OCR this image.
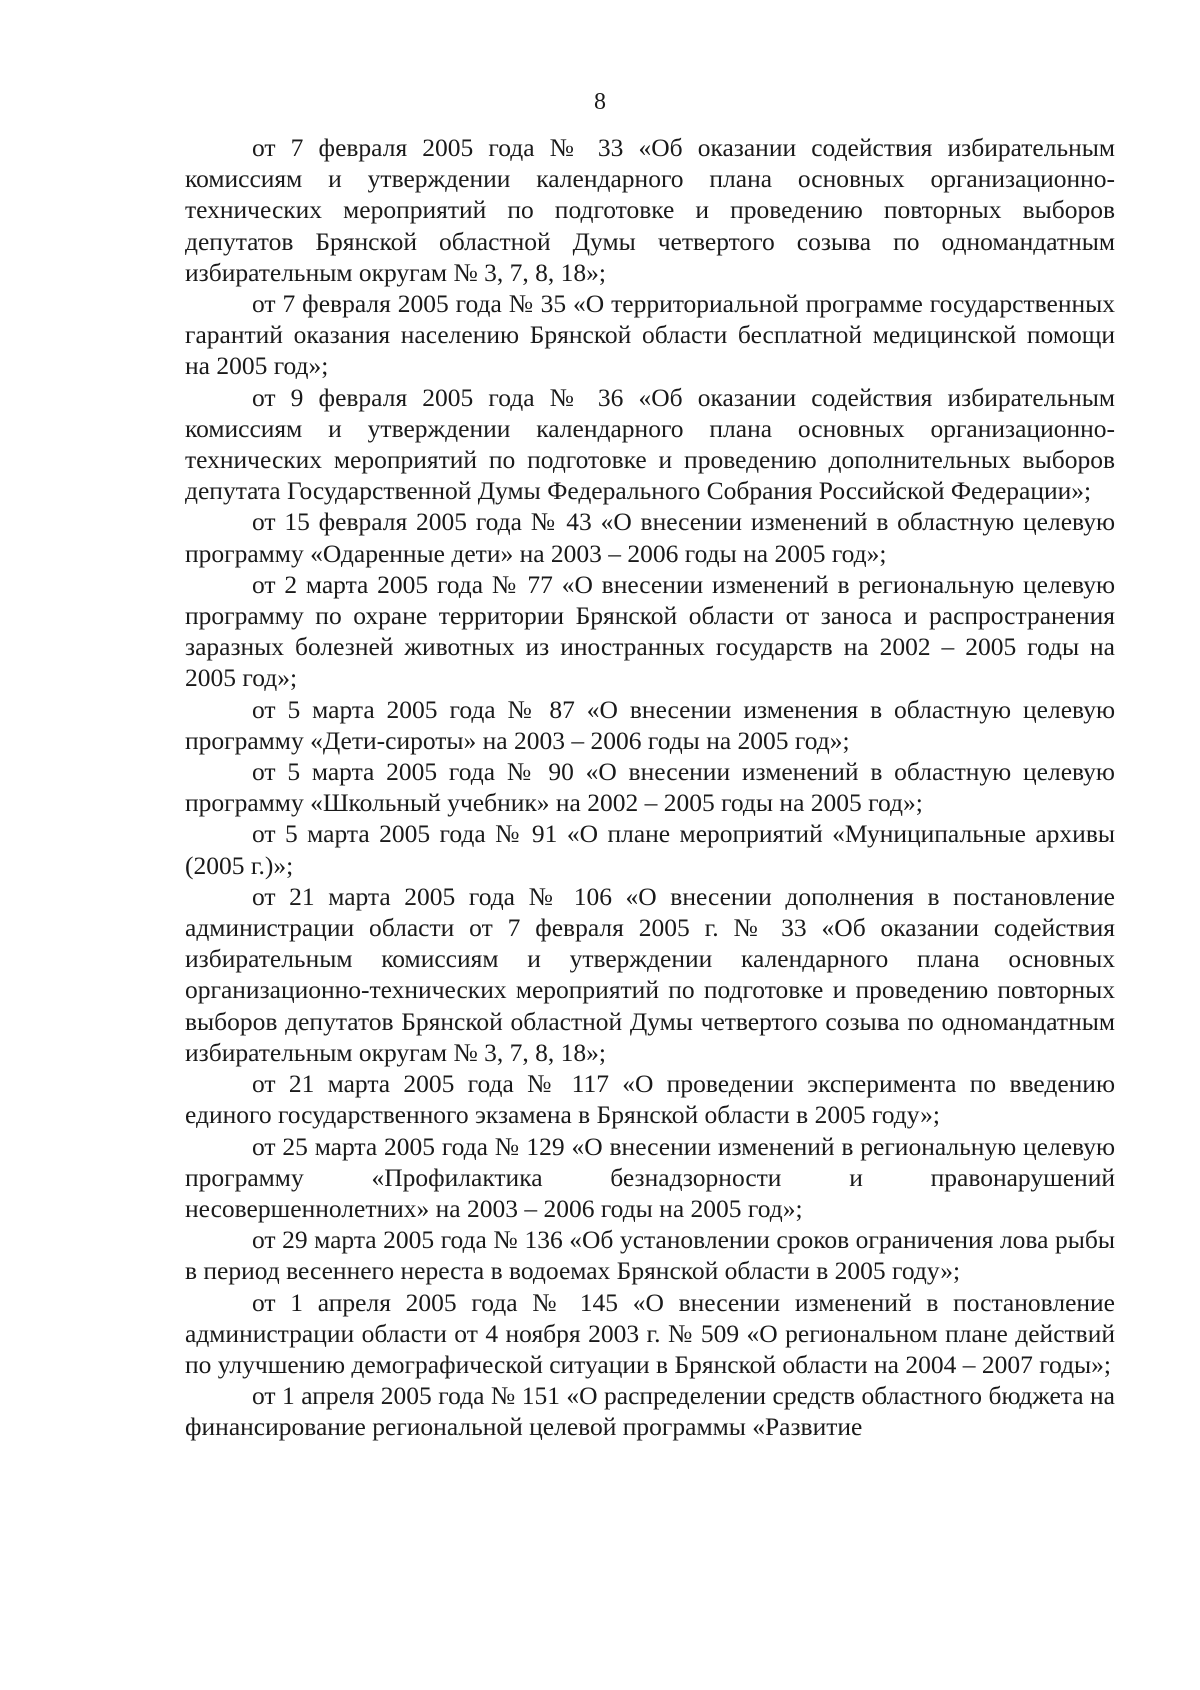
8

от 7 февраля 2005 года № 33 «Об оказании содействия избирательным комиссиям и утверждении календарного плана основных организационно-технических мероприятий по подготовке и проведению повторных выборов депутатов Брянской областной Думы четвертого созыва по одномандатным избирательным округам № 3, 7, 8, 18»;

от 7 февраля 2005 года № 35 «О территориальной программе государственных гарантий оказания населению Брянской области бесплатной медицинской помощи на 2005 год»;

от 9 февраля 2005 года № 36 «Об оказании содействия избирательным комиссиям и утверждении календарного плана основных организационно-технических мероприятий по подготовке и проведению дополнительных выборов депутата Государственной Думы Федерального Собрания Российской Федерации»;

от 15 февраля 2005 года № 43 «О внесении изменений в областную целевую программу «Одаренные дети» на 2003 – 2006 годы на 2005 год»;

от 2 марта 2005 года № 77 «О внесении изменений в региональную целевую программу по охране территории Брянской области от заноса и распространения заразных болезней животных из иностранных государств на 2002 – 2005 годы на 2005 год»;

от 5 марта 2005 года № 87 «О внесении изменения в областную целевую программу «Дети-сироты» на 2003 – 2006 годы на 2005 год»;

от 5 марта 2005 года № 90 «О внесении изменений в областную целевую программу «Школьный учебник» на 2002 – 2005 годы на 2005 год»;

от 5 марта 2005 года № 91 «О плане мероприятий «Муниципальные архивы (2005 г.)»;

от 21 марта 2005 года № 106 «О внесении дополнения в постановление администрации области от 7 февраля 2005 г. № 33 «Об оказании содействия избирательным комиссиям и утверждении календарного плана основных организационно-технических мероприятий по подготовке и проведению повторных выборов депутатов Брянской областной Думы четвертого созыва по одномандатным избирательным округам № 3, 7, 8, 18»;

от 21 марта 2005 года № 117 «О проведении эксперимента по введению единого государственного экзамена в Брянской области в 2005 году»;

от 25 марта 2005 года № 129 «О внесении изменений в региональную целевую программу «Профилактика безнадзорности и правонарушений несовершеннолетних» на 2003 – 2006 годы на 2005 год»;

от 29 марта 2005 года № 136 «Об установлении сроков ограничения лова рыбы в период весеннего нереста в водоемах Брянской области в 2005 году»;

от 1 апреля 2005 года № 145 «О внесении изменений в постановление администрации области от 4 ноября 2003 г. № 509 «О региональном плане действий по улучшению демографической ситуации в Брянской области на 2004 – 2007 годы»;

от 1 апреля 2005 года № 151 «О распределении средств областного бюджета на финансирование региональной целевой программы «Развитие
